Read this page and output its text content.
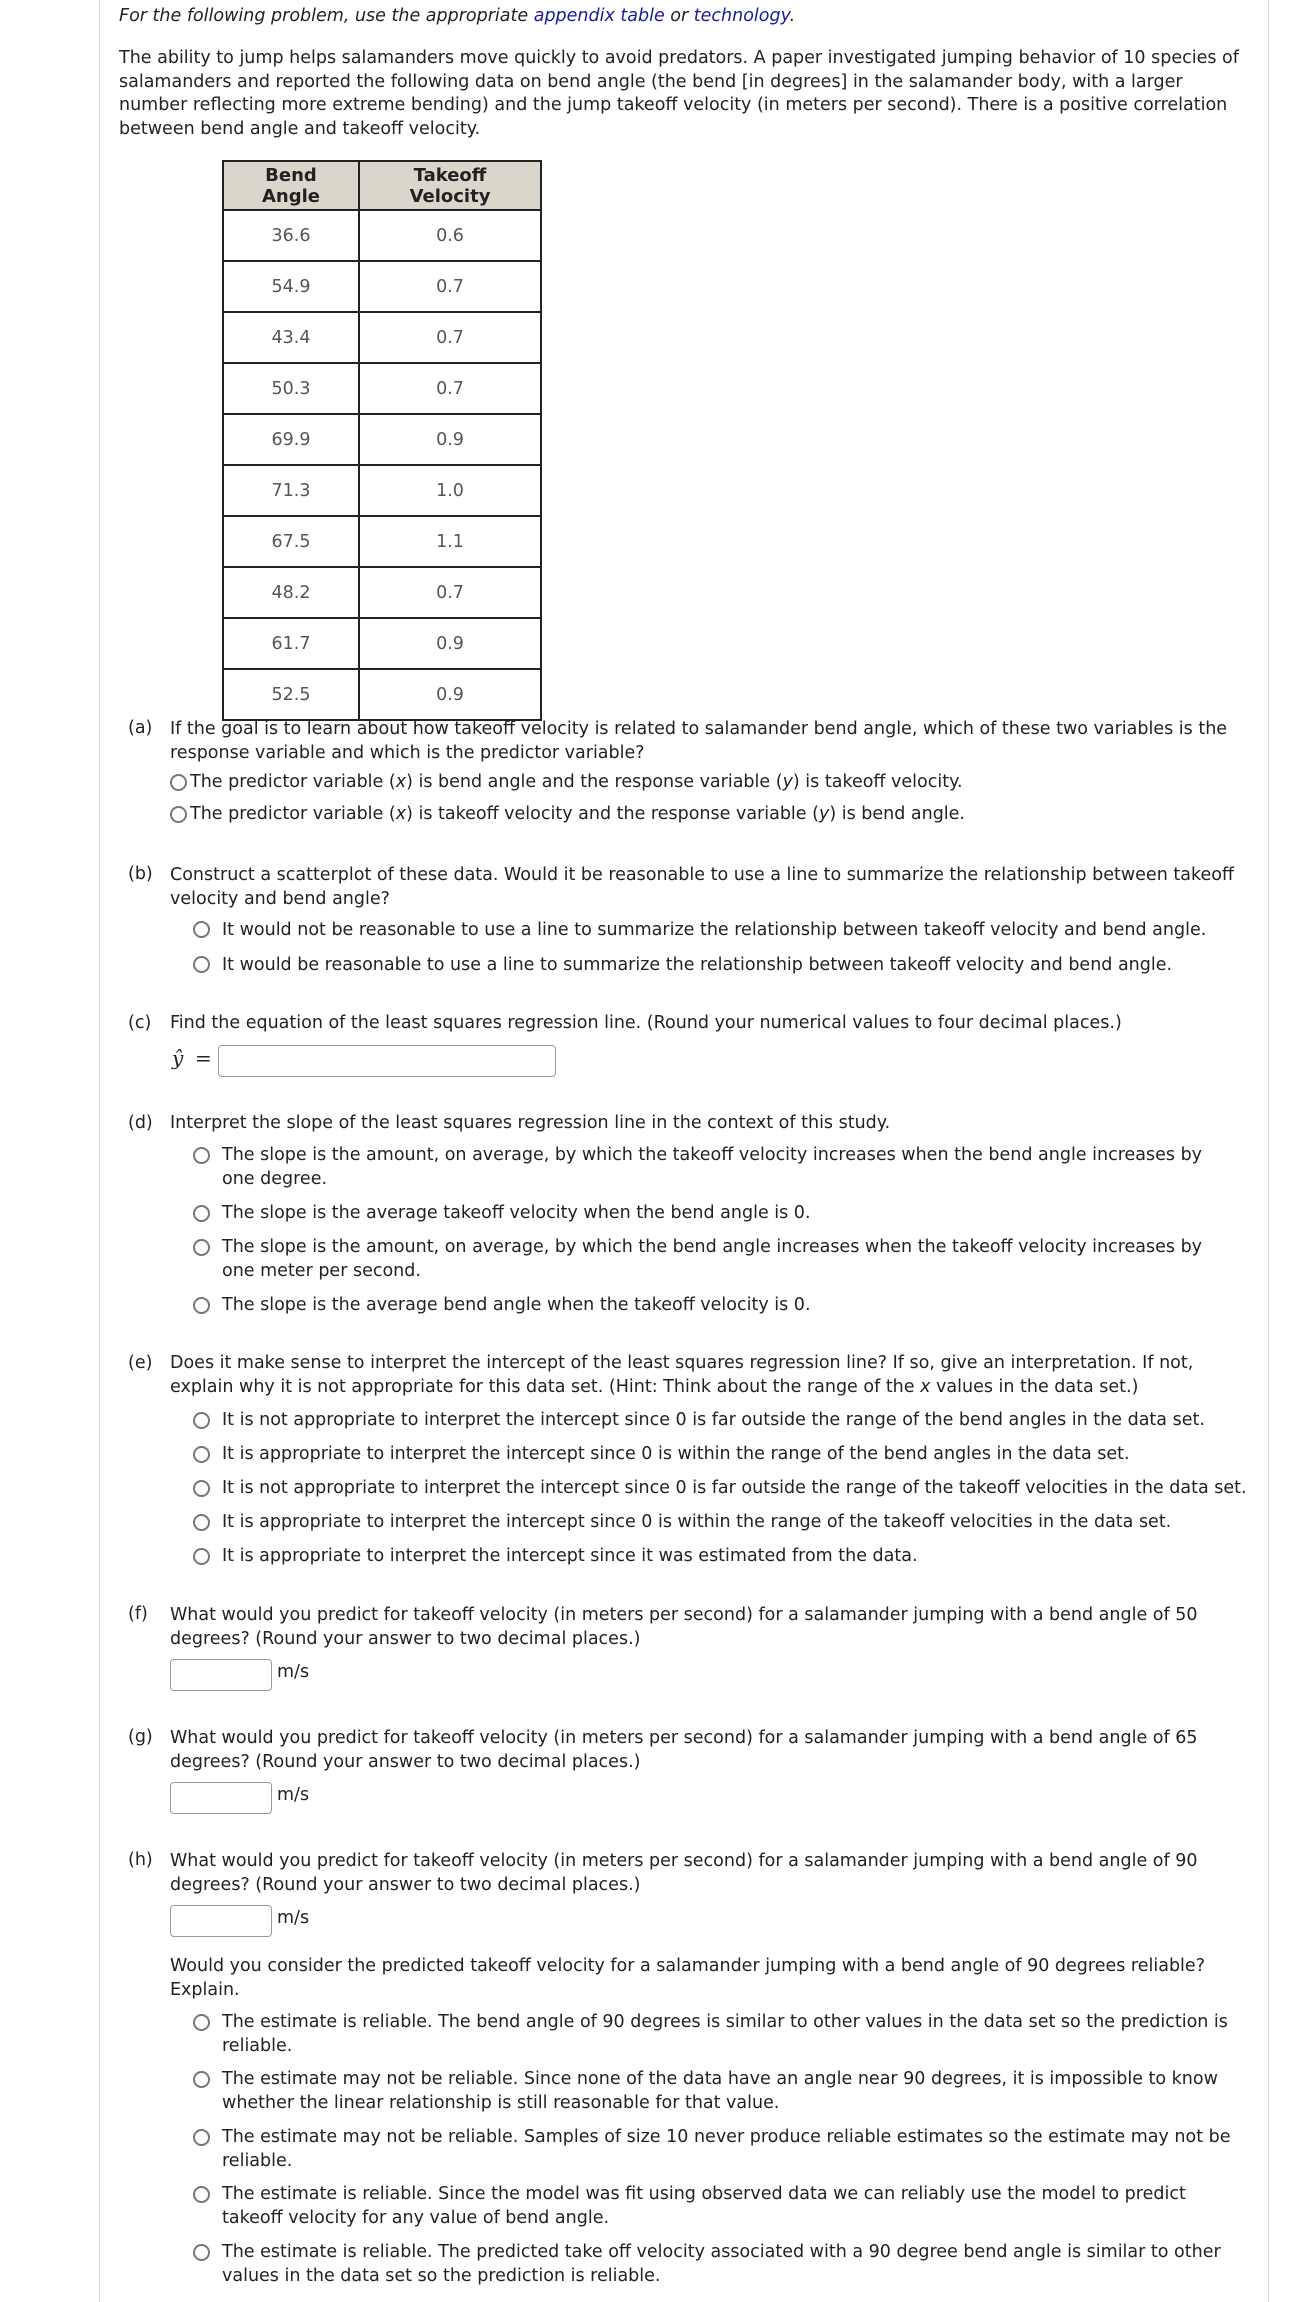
For the following problem, use the appropriate appendix table or technology.
The ability to jump helps salamanders move quickly to avoid predators. A paper investigated jumping behavior of 10 species of salamanders and reported the following data on bend angle (the bend [in degrees] in the salamander body, with a larger number reflecting more extreme bending) and the jump takeoff velocity (in meters per second). There is a positive correlation between bend angle and takeoff velocity.
Bend Angle	Takeoff Velocity
36.6	0.6
54.9	0.7
43.4	0.7
50.3	0.7
69.9	0.9
71.3	1.0
67.5	1.1
48.2	0.7
61.7	0.9
52.5	0.9
(a) If the goal is to learn about how takeoff velocity is related to salamander bend angle, which of these two variables is the response variable and which is the predictor variable?
The predictor variable (x) is bend angle and the response variable (y) is takeoff velocity.
The predictor variable (x) is takeoff velocity and the response variable (y) is bend angle.
(b) Construct a scatterplot of these data. Would it be reasonable to use a line to summarize the relationship between takeoff velocity and bend angle?
It would not be reasonable to use a line to summarize the relationship between takeoff velocity and bend angle.
It would be reasonable to use a line to summarize the relationship between takeoff velocity and bend angle.
(c) Find the equation of the least squares regression line. (Round your numerical values to four decimal places.)
ŷ =
(d) Interpret the slope of the least squares regression line in the context of this study.
The slope is the amount, on average, by which the takeoff velocity increases when the bend angle increases by one degree.
The slope is the average takeoff velocity when the bend angle is 0.
The slope is the amount, on average, by which the bend angle increases when the takeoff velocity increases by one meter per second.
The slope is the average bend angle when the takeoff velocity is 0.
(e) Does it make sense to interpret the intercept of the least squares regression line? If so, give an interpretation. If not,
explain why it is not appropriate for this data set. (Hint: Think about the range of the x values in the data set.)
It is not appropriate to interpret the intercept since 0 is far outside the range of the bend angles in the data set.
It is appropriate to interpret the intercept since 0 is within the range of the bend angles in the data set.
It is not appropriate to interpret the intercept since 0 is far outside the range of the takeoff velocities in the data set.
It is appropriate to interpret the intercept since 0 is within the range of the takeoff velocities in the data set.
It is appropriate to interpret the intercept since it was estimated from the data.
(f) What would you predict for takeoff velocity (in meters per second) for a salamander jumping with a bend angle of 50 degrees? (Round your answer to two decimal places.)
m/s
(g) What would you predict for takeoff velocity (in meters per second) for a salamander jumping with a bend angle of 65 degrees? (Round your answer to two decimal places.)
m/s
(h) What would you predict for takeoff velocity (in meters per second) for a salamander jumping with a bend angle of 90 degrees? (Round your answer to two decimal places.)
m/s
Would you consider the predicted takeoff velocity for a salamander jumping with a bend angle of 90 degrees reliable? Explain.
The estimate is reliable. The bend angle of 90 degrees is similar to other values in the data set so the prediction is reliable.
The estimate may not be reliable. Since none of the data have an angle near 90 degrees, it is impossible to know whether the linear relationship is still reasonable for that value.
The estimate may not be reliable. Samples of size 10 never produce reliable estimates so the estimate may not be reliable.
The estimate is reliable. Since the model was fit using observed data we can reliably use the model to predict takeoff velocity for any value of bend angle.
The estimate is reliable. The predicted take off velocity associated with a 90 degree bend angle is similar to other values in the data set so the prediction is reliable.
